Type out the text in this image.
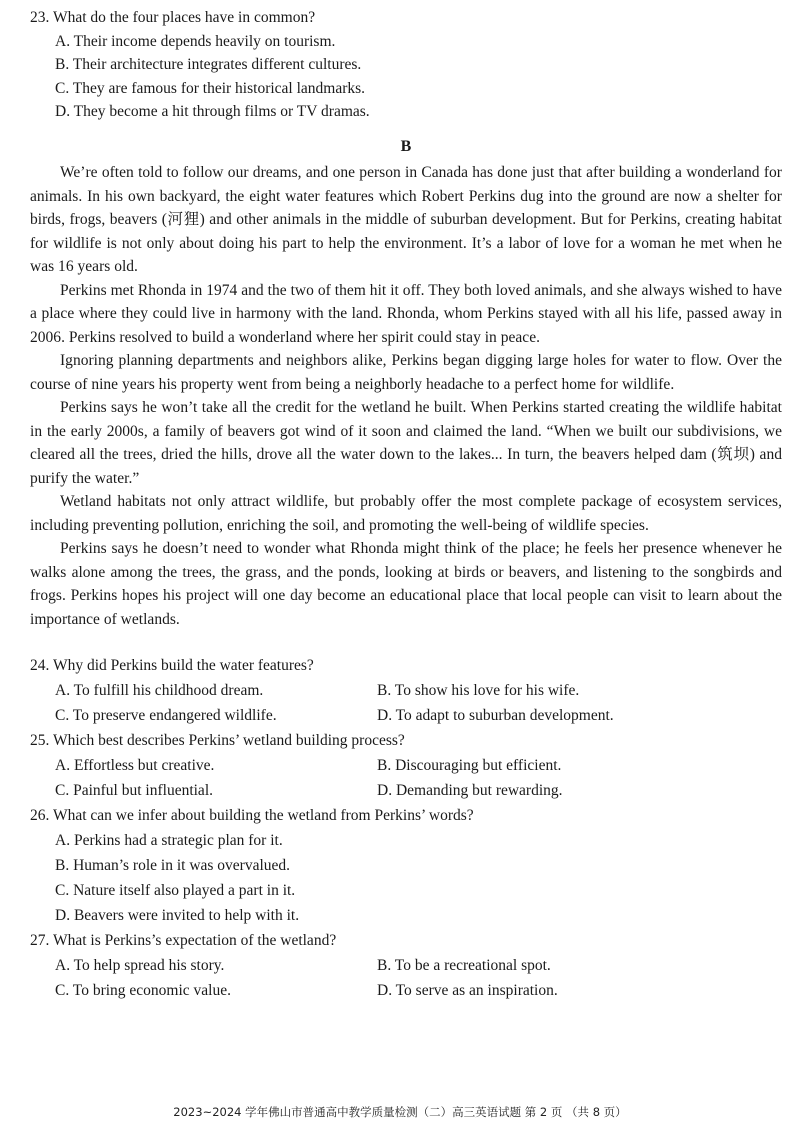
23. What do the four places have in common?
A. Their income depends heavily on tourism.
B. Their architecture integrates different cultures.
C. They are famous for their historical landmarks.
D. They become a hit through films or TV dramas.
B

We’re often told to follow our dreams, and one person in Canada has done just that after building a wonderland for animals. In his own backyard, the eight water features which Robert Perkins dug into the ground are now a shelter for birds, frogs, beavers (河狸) and other animals in the middle of suburban development. But for Perkins, creating habitat for wildlife is not only about doing his part to help the environment. It’s a labor of love for a woman he met when he was 16 years old.

Perkins met Rhonda in 1974 and the two of them hit it off. They both loved animals, and she always wished to have a place where they could live in harmony with the land. Rhonda, whom Perkins stayed with all his life, passed away in 2006. Perkins resolved to build a wonderland where her spirit could stay in peace.

Ignoring planning departments and neighbors alike, Perkins began digging large holes for water to flow. Over the course of nine years his property went from being a neighborly headache to a perfect home for wildlife.

Perkins says he won’t take all the credit for the wetland he built. When Perkins started creating the wildlife habitat in the early 2000s, a family of beavers got wind of it soon and claimed the land. “When we built our subdivisions, we cleared all the trees, dried the hills, drove all the water down to the lakes... In turn, the beavers helped dam (筑坝) and purify the water.”

Wetland habitats not only attract wildlife, but probably offer the most complete package of ecosystem services, including preventing pollution, enriching the soil, and promoting the well-being of wildlife species.

Perkins says he doesn’t need to wonder what Rhonda might think of the place; he feels her presence whenever he walks alone among the trees, the grass, and the ponds, looking at birds or beavers, and listening to the songbirds and frogs. Perkins hopes his project will one day become an educational place that local people can visit to learn about the importance of wetlands.

24. Why did Perkins build the water features?
A. To fulfill his childhood dream.	B. To show his love for his wife.
C. To preserve endangered wildlife.	D. To adapt to suburban development.
25. Which best describes Perkins’ wetland building process?
A. Effortless but creative.	B. Discouraging but efficient.
C. Painful but influential.	D. Demanding but rewarding.
26. What can we infer about building the wetland from Perkins’ words?
A. Perkins had a strategic plan for it.
B. Human’s role in it was overvalued.
C. Nature itself also played a part in it.
D. Beavers were invited to help with it.
27. What is Perkins’s expectation of the wetland?
A. To help spread his story.	B. To be a recreational spot.
C. To bring economic value.	D. To serve as an inspiration.
2023~2024 学年佛山市普通高中教学质量检测（二）高三英语试题 第 2 页 （共 8 页）
